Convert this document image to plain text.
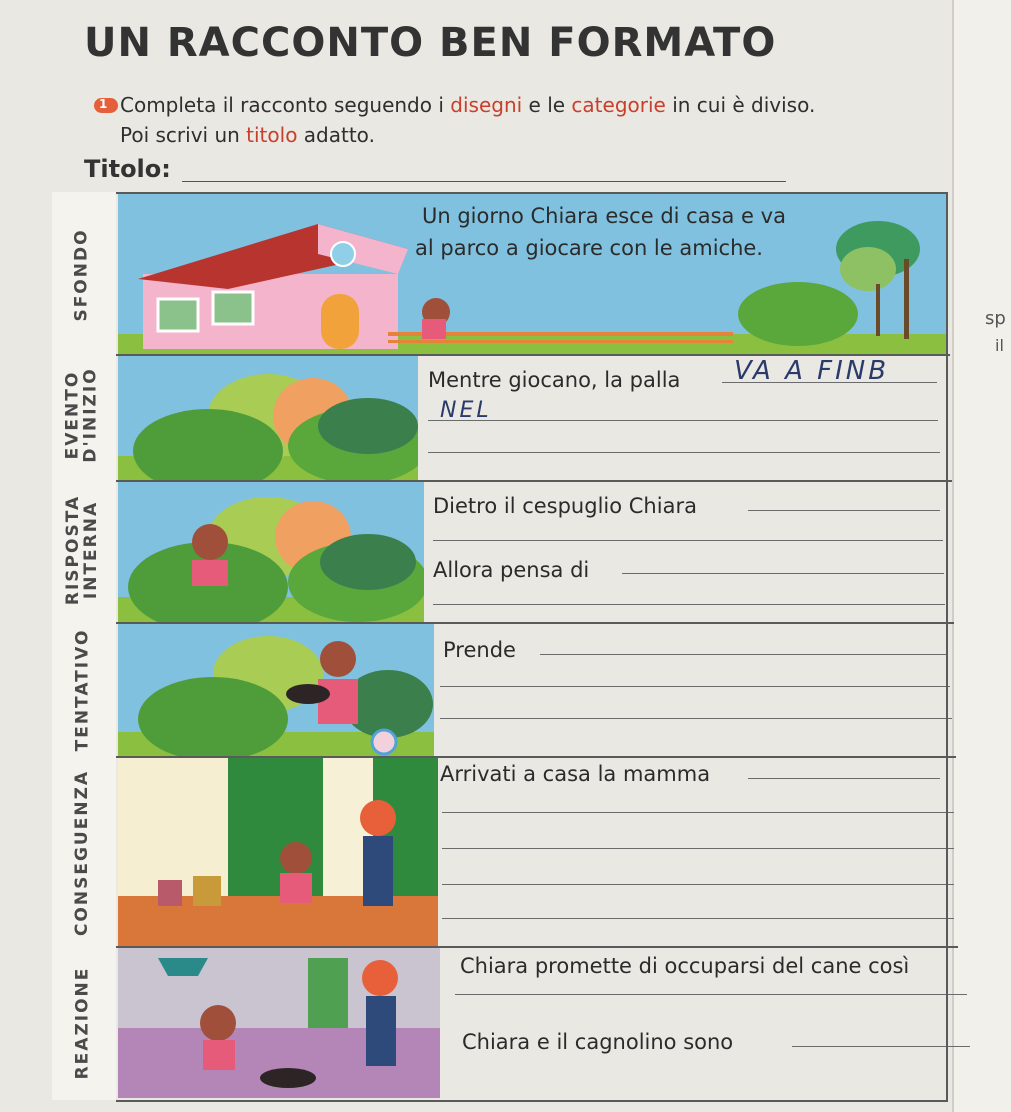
sp
il
UN RACCONTO BEN FORMATO
1 Completa il racconto seguendo i disegni e le categorie in cui è diviso. Poi scrivi un titolo adatto.
Titolo:
SFONDO
EVENTO
D'INIZIO
RISPOSTA
INTERNA
TENTATIVO
CONSEGUENZA
REAZIONE
Un giorno Chiara esce di casa e va
al parco a giocare con le amiche.
Mentre giocano, la palla VA A FINB
NEL
Dietro il cespuglio Chiara
Allora pensa di
Prende
Arrivati a casa la mamma
Chiara promette di occuparsi del cane così
Chiara e il cagnolino sono
